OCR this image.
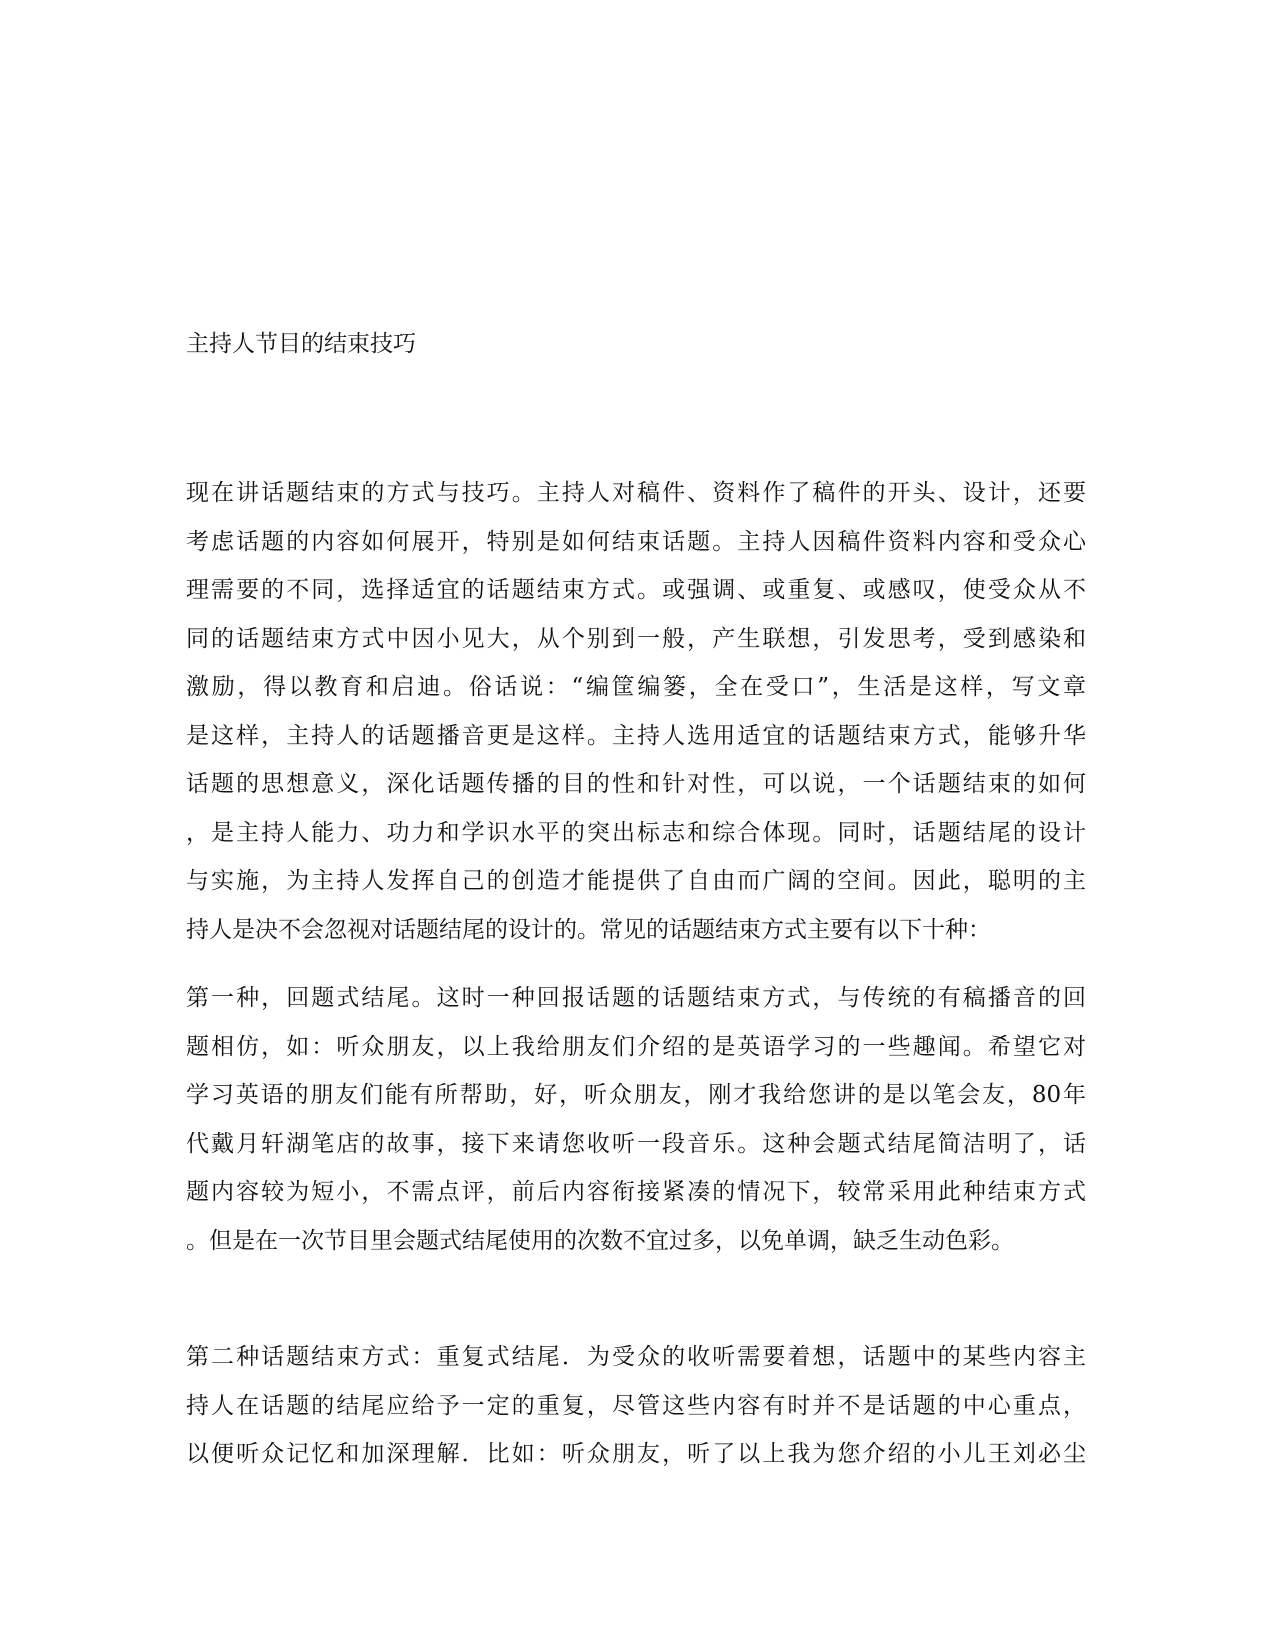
主持人节目的结束技巧
现在讲话题结束的方式与技巧。主持人对稿件、资料作了稿件的开头、设计，还要
考虑话题的内容如何展开，特别是如何结束话题。主持人因稿件资料内容和受众心
理需要的不同，选择适宜的话题结束方式。或强调、或重复、或感叹，使受众从不
同的话题结束方式中因小见大，从个别到一般，产生联想，引发思考，受到感染和
激励，得以教育和启迪。俗话说：“编筐编篓，全在受口”，生活是这样，写文章
是这样，主持人的话题播音更是这样。主持人选用适宜的话题结束方式，能够升华
话题的思想意义，深化话题传播的目的性和针对性，可以说，一个话题结束的如何
，是主持人能力、功力和学识水平的突出标志和综合体现。同时，话题结尾的设计
与实施，为主持人发挥自己的创造才能提供了自由而广阔的空间。因此，聪明的主
持人是决不会忽视对话题结尾的设计的。常见的话题结束方式主要有以下十种：
第一种，回题式结尾。这时一种回报话题的话题结束方式，与传统的有稿播音的回
题相仿，如：听众朋友，以上我给朋友们介绍的是英语学习的一些趣闻。希望它对
学习英语的朋友们能有所帮助，好，听众朋友，刚才我给您讲的是以笔会友，80年
代戴月轩湖笔店的故事，接下来请您收听一段音乐。这种会题式结尾简洁明了，话
题内容较为短小，不需点评，前后内容衔接紧凑的情况下，较常采用此种结束方式
。但是在一次节目里会题式结尾使用的次数不宜过多，以免单调，缺乏生动色彩。
第二种话题结束方式：重复式结尾．为受众的收听需要着想，话题中的某些内容主
持人在话题的结尾应给予一定的重复，尽管这些内容有时并不是话题的中心重点，
以便听众记忆和加深理解．比如：听众朋友，听了以上我为您介绍的小儿王刘必尘
